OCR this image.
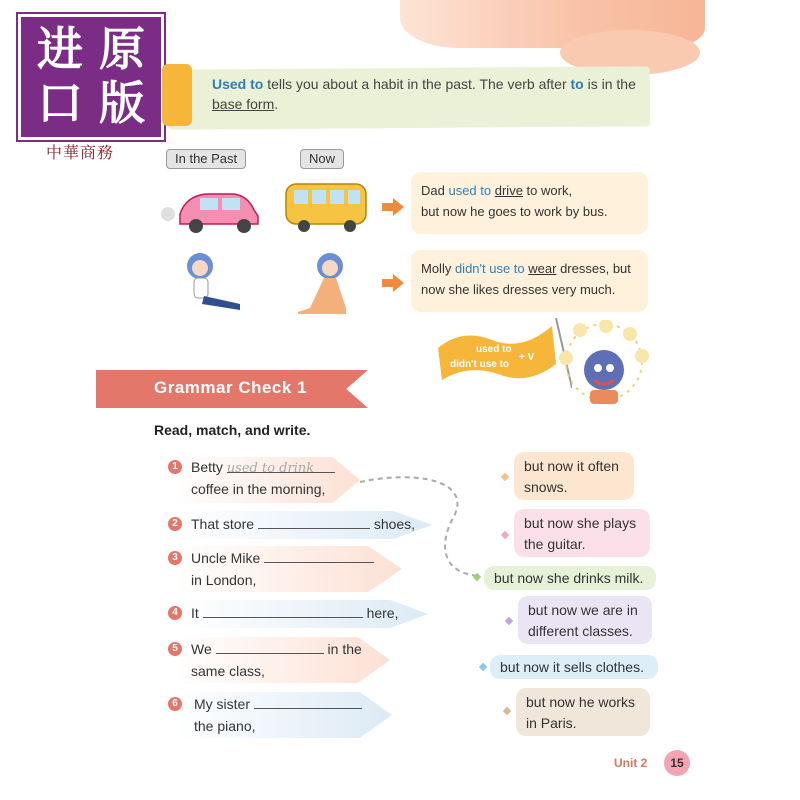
进 原
口 版
中華商務
Used to tells you about a habit in the past. The verb after to is in the base form.
In the Past	Now
Dad used to drive to work,
but now he goes to work by bus.
Molly didn't use to wear dresses, but
now she likes dresses very much.
used to
didn't use to
+ V
Grammar Check 1
Read, match, and write.
1 Betty used to drink
coffee in the morning,
2 That store	shoes,
3 Uncle Mike
in London,
4 It	here,
5 We	in the
same class,
6	My sister
the piano,
but now it often
snows.
but now she plays
the guitar.
but now she drinks milk.
but now we are in
different classes.
but now it sells clothes.
but now he works
in Paris.
Unit 2	15
